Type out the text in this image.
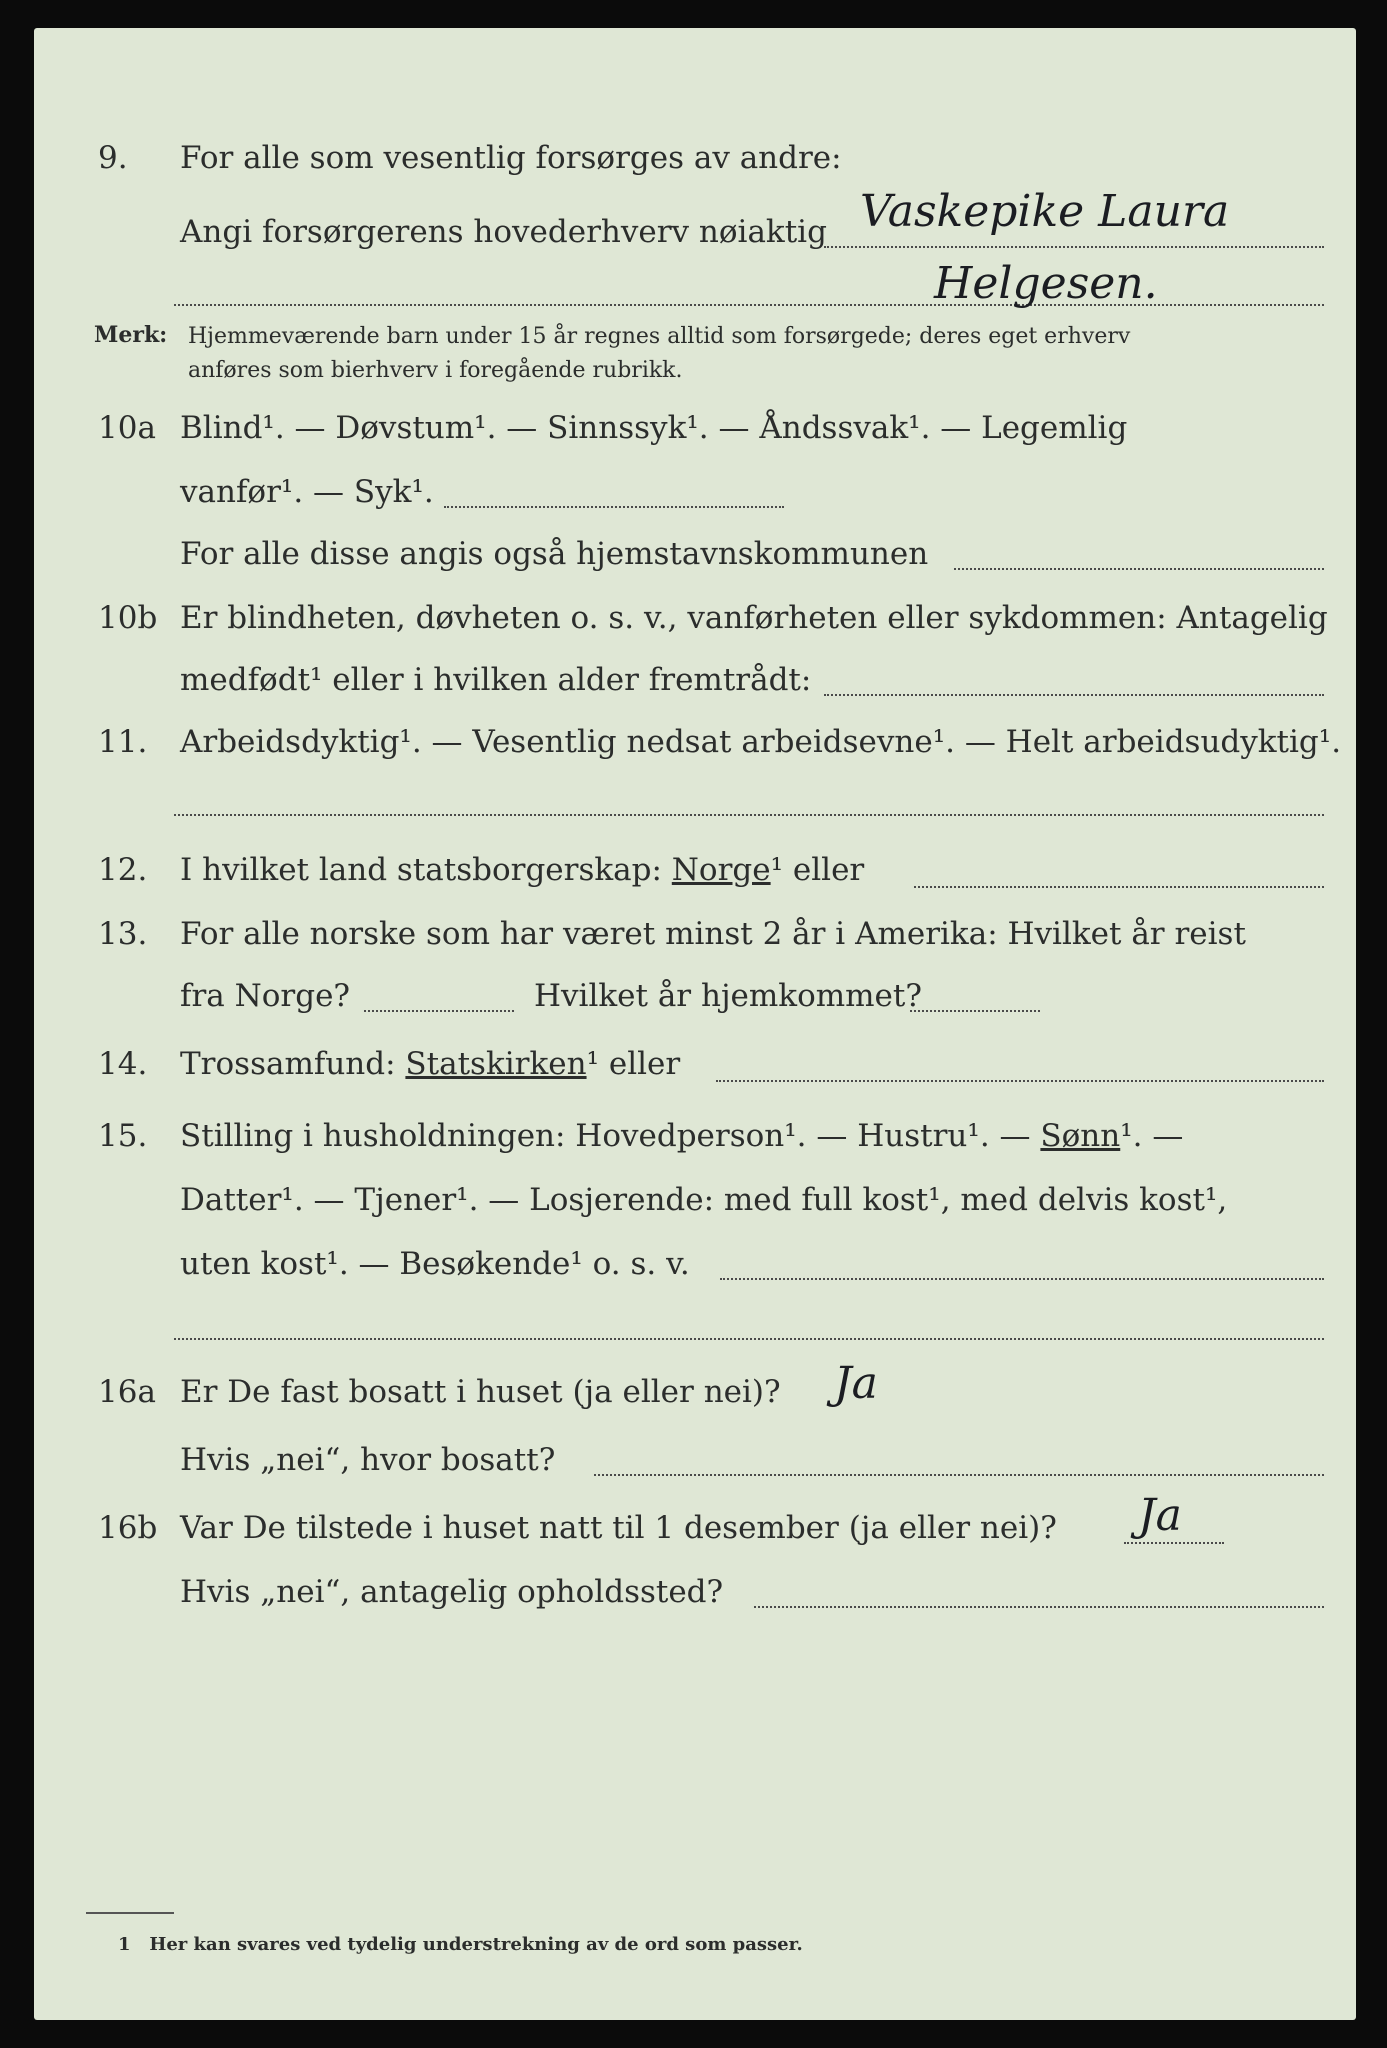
9. For alle som vesentlig forsørges av andre:
Angi forsørgerens hovederhverv nøiaktig Vaskepike Laura
Helgesen.
Merk: Hjemmeværende barn under 15 år regnes alltid som forsørgede; deres eget erhverv
anføres som bierhverv i foregående rubrikk.
10a Blind¹. — Døvstum¹. — Sinnssyk¹. — Åndssvak¹. — Legemlig
vanfør¹. — Syk¹.
For alle disse angis også hjemstavnskommunen
10b Er blindheten, døvheten o. s. v., vanførheten eller sykdommen: Antagelig
medfødt¹ eller i hvilken alder fremtrådt:
11. Arbeidsdyktig¹. — Vesentlig nedsat arbeidsevne¹. — Helt arbeidsudyktig¹.
12. I hvilket land statsborgerskap: Norge¹ eller
13. For alle norske som har været minst 2 år i Amerika: Hvilket år reist
fra Norge?	Hvilket år hjemkommet?
14. Trossamfund: Statskirken¹ eller
15. Stilling i husholdningen: Hovedperson¹. — Hustru¹. — Sønn¹. —
Datter¹. — Tjener¹. — Losjerende: med full kost¹, med delvis kost¹,
uten kost¹. — Besøkende¹ o. s. v.
16a Er De fast bosatt i huset (ja eller nei)? Ja
Hvis „nei“, hvor bosatt?
16b Var De tilstede i huset natt til 1 desember (ja eller nei)? Ja
Hvis „nei“, antagelig opholdssted?
1 Her kan svares ved tydelig understrekning av de ord som passer.
